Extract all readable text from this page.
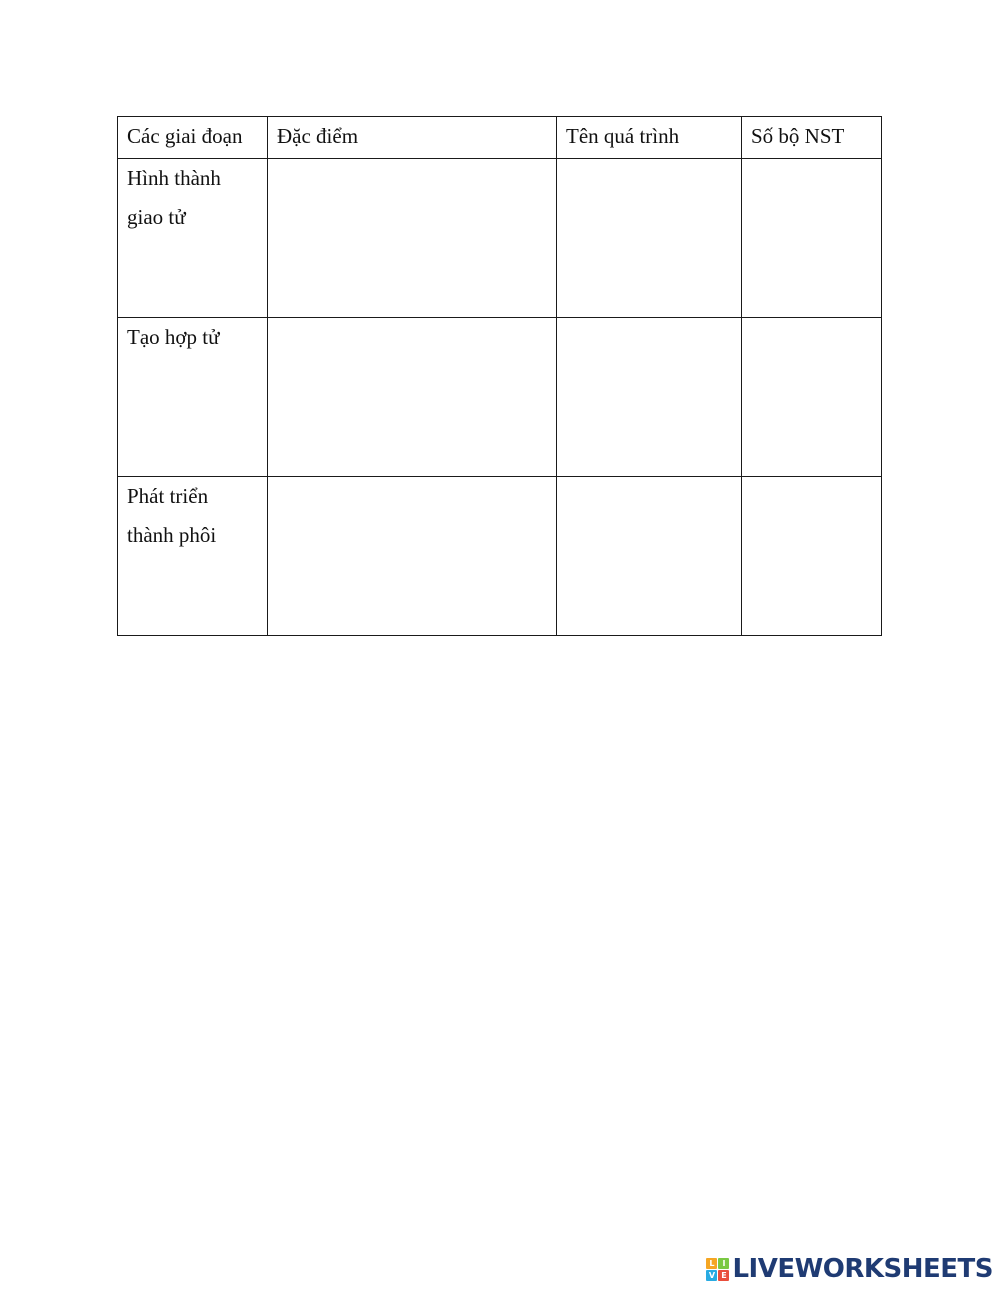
Các giai đoạn	Đặc điểm	Tên quá trình	Số bộ NST

Hình thành
giao tử			

Tạo hợp tử			

Phát triển
thành phôi			

L I
V E LIVEWORKSHEETS
